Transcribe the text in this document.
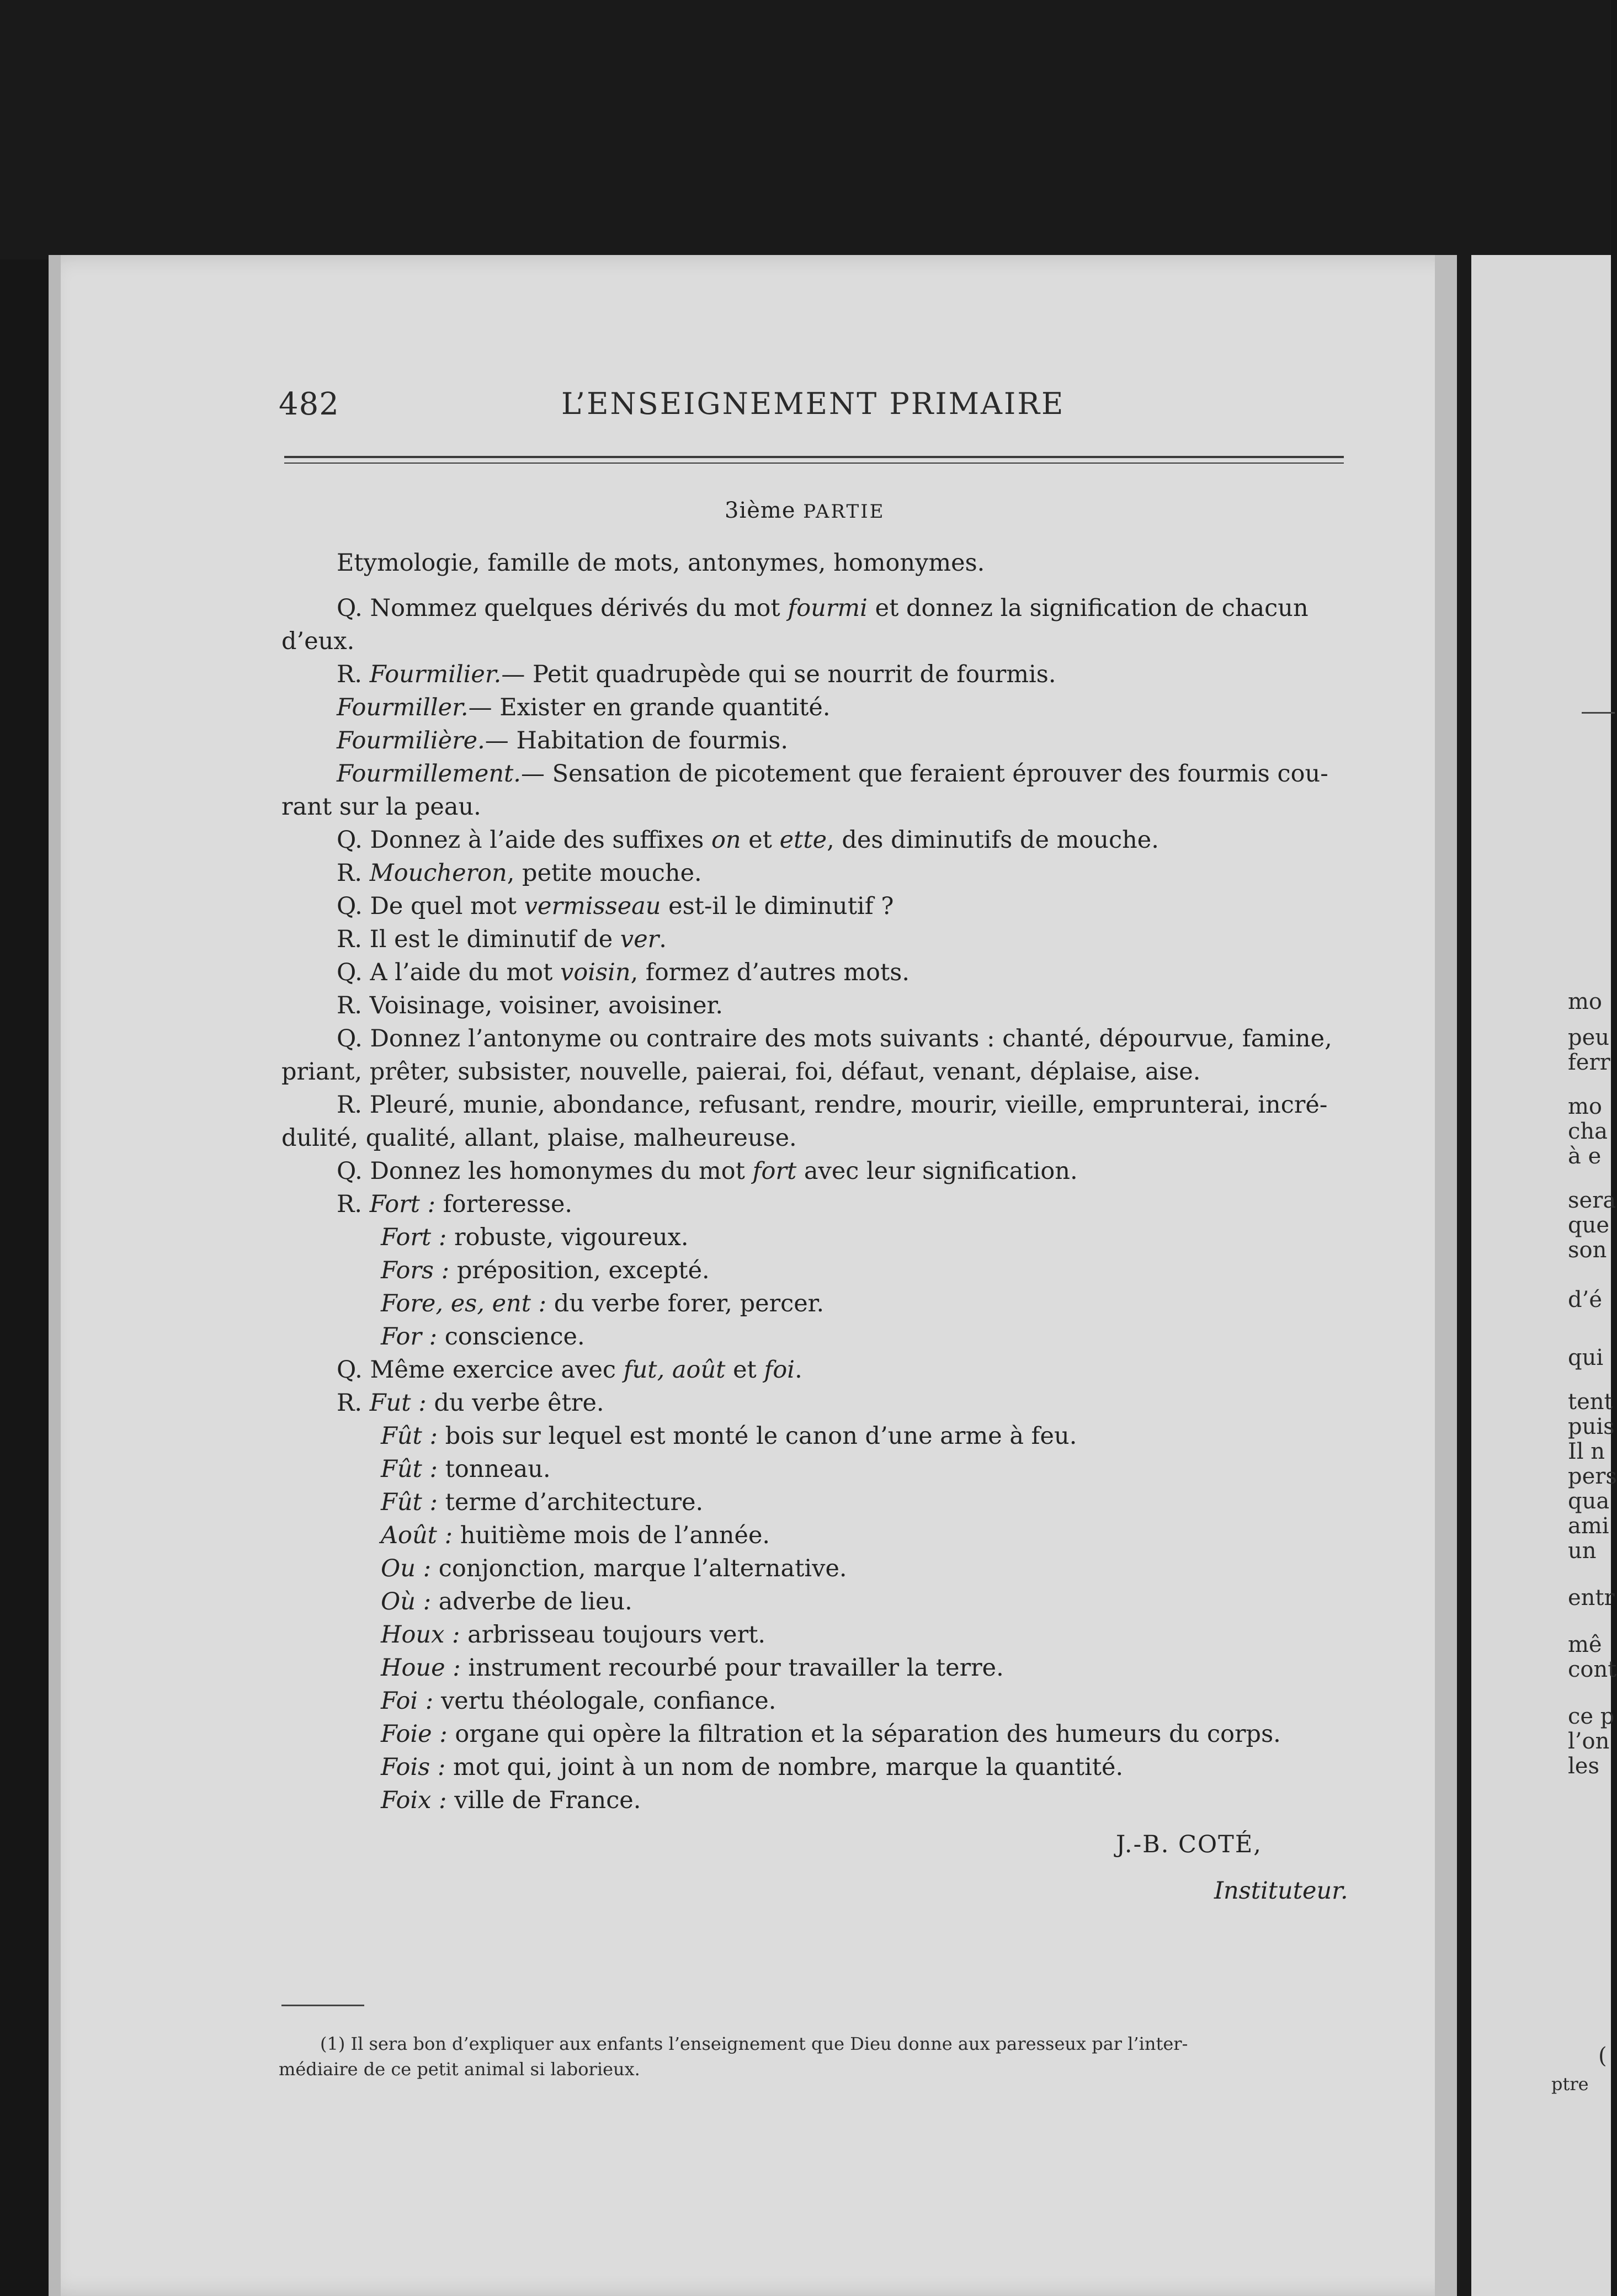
mo
peu
ferr
mo
cha
à e
sera
que
son
d’é
qui
tent
puis
Il n
pers
qua
ami
un
entr
mê
cont
ce p
l’on
les
(
ptre
482	L’ENSEIGNEMENT PRIMAIRE
3ième PARTIE
Etymologie, famille de mots, antonymes, homonymes.
Q. Nommez quelques dérivés du mot fourmi et donnez la signification de chacun
d’eux.
R. Fourmilier.— Petit quadrupède qui se nourrit de fourmis.
Fourmiller.— Exister en grande quantité.
Fourmilière.— Habitation de fourmis.
Fourmillement.— Sensation de picotement que feraient éprouver des fourmis cou-
rant sur la peau.
Q. Donnez à l’aide des suffixes on et ette, des diminutifs de mouche.
R. Moucheron, petite mouche.
Q. De quel mot vermisseau est-il le diminutif ?
R. Il est le diminutif de ver.
Q. A l’aide du mot voisin, formez d’autres mots.
R. Voisinage, voisiner, avoisiner.
Q. Donnez l’antonyme ou contraire des mots suivants : chanté, dépourvue, famine,
priant, prêter, subsister, nouvelle, paierai, foi, défaut, venant, déplaise, aise.
R. Pleuré, munie, abondance, refusant, rendre, mourir, vieille, emprunterai, incré-
dulité, qualité, allant, plaise, malheureuse.
Q. Donnez les homonymes du mot fort avec leur signification.
R. Fort : forteresse.
Fort : robuste, vigoureux.
Fors : préposition, excepté.
Fore, es, ent : du verbe forer, percer.
For : conscience.
Q. Même exercice avec fut, août et foi.
R. Fut : du verbe être.
Fût : bois sur lequel est monté le canon d’une arme à feu.
Fût : tonneau.
Fût : terme d’architecture.
Août : huitième mois de l’année.
Ou : conjonction, marque l’alternative.
Où : adverbe de lieu.
Houx : arbrisseau toujours vert.
Houe : instrument recourbé pour travailler la terre.
Foi : vertu théologale, confiance.
Foie : organe qui opère la filtration et la séparation des humeurs du corps.
Fois : mot qui, joint à un nom de nombre, marque la quantité.
Foix : ville de France.
J.-B. COTÉ,
Instituteur.
(1) Il sera bon d’expliquer aux enfants l’enseignement que Dieu donne aux paresseux par l’inter-
médiaire de ce petit animal si laborieux.
